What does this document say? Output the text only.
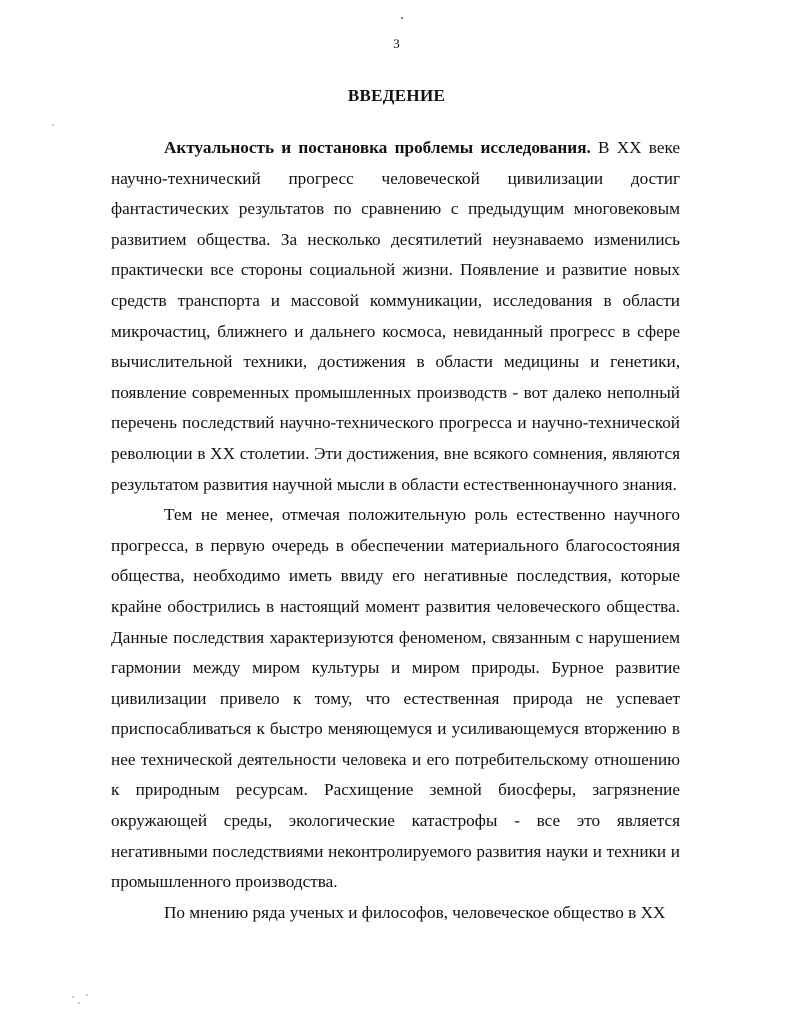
3
ВВЕДЕНИЕ

Актуальность и постановка проблемы исследования. В XX веке научно-технический прогресс человеческой цивилизации достиг фантастических результатов по сравнению с предыдущим многовековым развитием общества. За несколько десятилетий неузнаваемо изменились практически все стороны социальной жизни. Появление и развитие новых средств транспорта и массовой коммуникации, исследования в области микрочастиц, ближнего и дальнего космоса, невиданный прогресс в сфере вычислительной техники, достижения в области медицины и генетики, появление современных промышленных производств - вот далеко неполный перечень последствий научно-технического прогресса и научно-технической революции в XX столетии. Эти достижения, вне всякого сомнения, являются результатом развития научной мысли в области естественнонаучного знания.

Тем не менее, отмечая положительную роль естественно научного прогресса, в первую очередь в обеспечении материального благосостояния общества, необходимо иметь ввиду его негативные последствия, которые крайне обострились в настоящий момент развития человеческого общества. Данные последствия характеризуются феноменом, связанным с нарушением гармонии между миром культуры и миром природы. Бурное развитие цивилизации привело к тому, что естественная природа не успевает приспосабливаться к быстро меняющемуся и усиливающемуся вторжению в нее технической деятельности человека и его потребительскому отношению к природным ресурсам. Расхищение земной биосферы, загрязнение окружающей среды, экологические катастрофы - все это является негативными последствиями неконтролируемого развития науки и техники и промышленного производства.

По мнению ряда ученых и философов, человеческое общество в XX
